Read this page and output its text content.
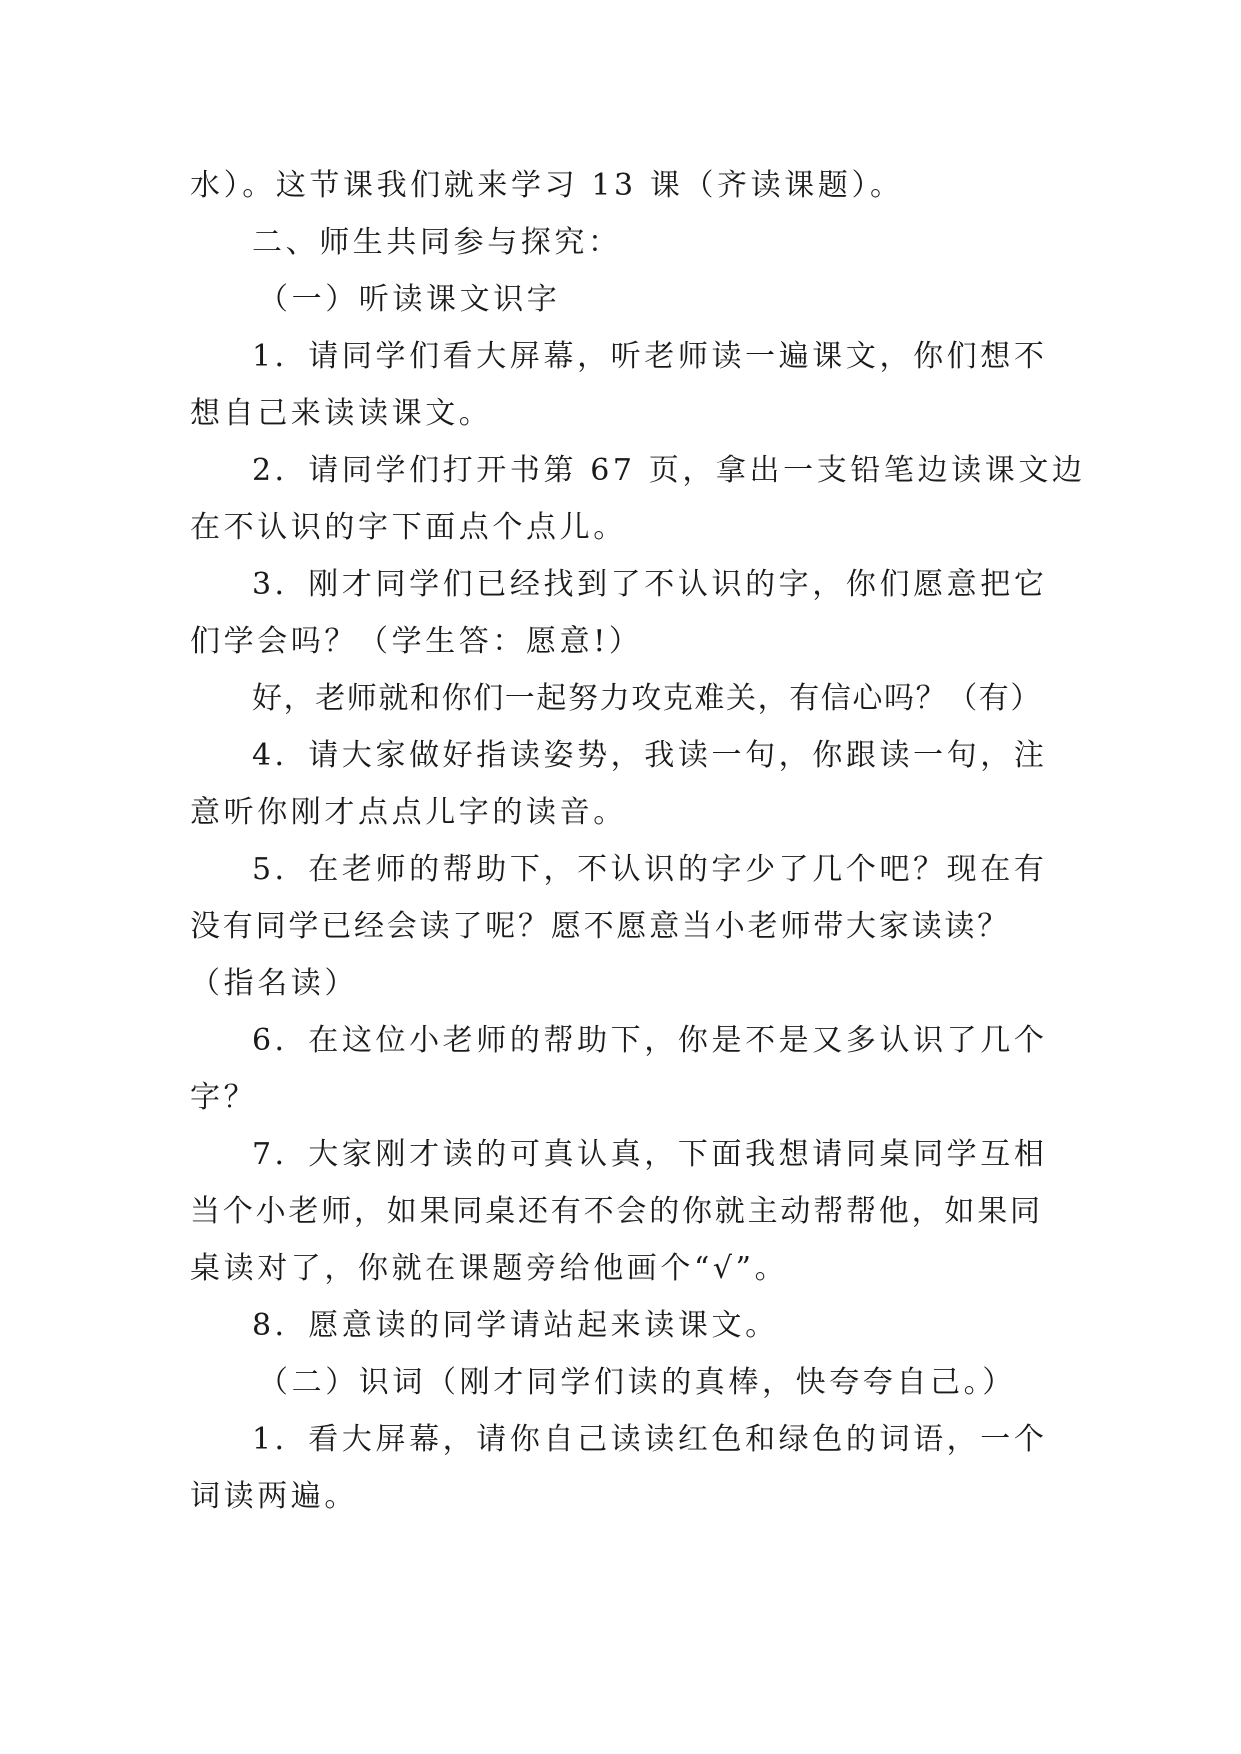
水）。这节课我们就来学习 13 课（齐读课题）。
二、师生共同参与探究：
（一）听读课文识字
1．请同学们看大屏幕，听老师读一遍课文，你们想不
想自己来读读课文。
2．请同学们打开书第 67 页，拿出一支铅笔边读课文边
在不认识的字下面点个点儿。
3．刚才同学们已经找到了不认识的字，你们愿意把它
们学会吗？（学生答：愿意!）
好，老师就和你们一起努力攻克难关，有信心吗？（有）
4．请大家做好指读姿势，我读一句，你跟读一句，注
意听你刚才点点儿字的读音。
5．在老师的帮助下，不认识的字少了几个吧？现在有
没有同学已经会读了呢？愿不愿意当小老师带大家读读？
（指名读）
6．在这位小老师的帮助下，你是不是又多认识了几个
字？
7．大家刚才读的可真认真，下面我想请同桌同学互相
当个小老师，如果同桌还有不会的你就主动帮帮他，如果同
桌读对了，你就在课题旁给他画个“√”。
8．愿意读的同学请站起来读课文。
（二）识词（刚才同学们读的真棒，快夸夸自己。）
1．看大屏幕，请你自己读读红色和绿色的词语，一个
词读两遍。
